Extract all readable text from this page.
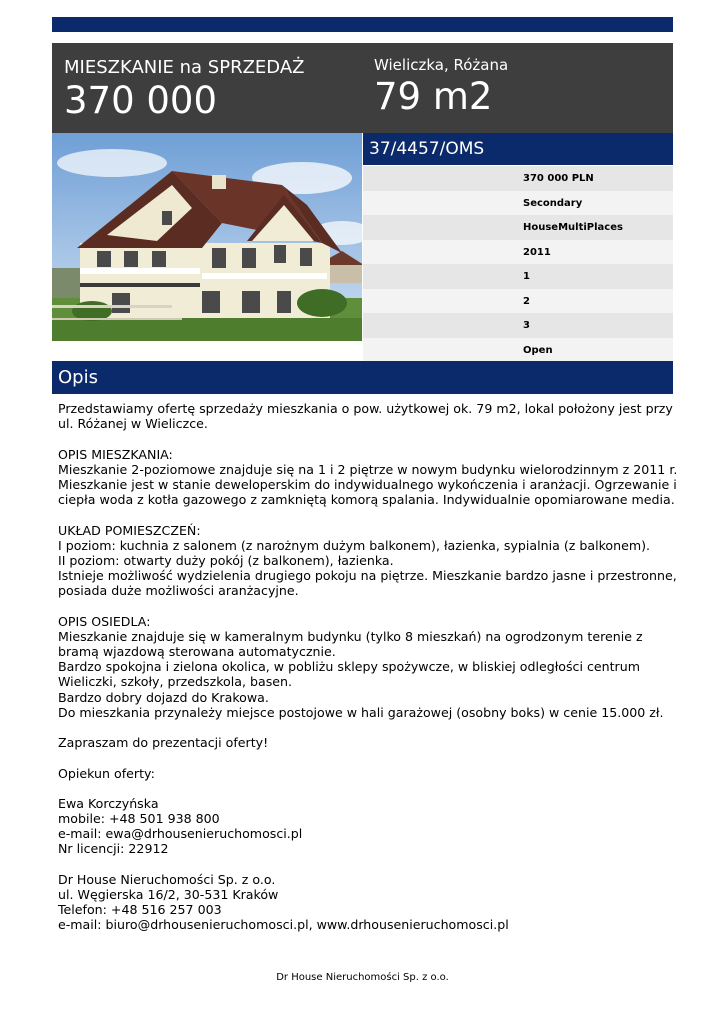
MIESZKANIE na SPRZEDAŻ
370 000
Wieliczka, Różana
79 m2
37/4457/OMS
370 000 PLN
Secondary
HouseMultiPlaces
2011
1
2
3
Open
Opis
Przedstawiamy ofertę sprzedaży mieszkania o pow. użytkowej ok. 79 m2, lokal położony jest przy
ul. Różanej w Wieliczce.
OPIS MIESZKANIA:
Mieszkanie 2-poziomowe znajduje się na 1 i 2 piętrze w nowym budynku wielorodzinnym z 2011 r.
Mieszkanie jest w stanie deweloperskim do indywidualnego wykończenia i aranżacji. Ogrzewanie i
ciepła woda z kotła gazowego z zamkniętą komorą spalania. Indywidualnie opomiarowane media.
UKŁAD POMIESZCZEŃ:
I poziom: kuchnia z salonem (z narożnym dużym balkonem), łazienka, sypialnia (z balkonem).
II poziom: otwarty duży pokój (z balkonem), łazienka.
Istnieje możliwość wydzielenia drugiego pokoju na piętrze. Mieszkanie bardzo jasne i przestronne,
posiada duże możliwości aranżacyjne.
OPIS OSIEDLA:
Mieszkanie znajduje się w kameralnym budynku (tylko 8 mieszkań) na ogrodzonym terenie z
bramą wjazdową sterowana automatycznie.
Bardzo spokojna i zielona okolica, w pobliżu sklepy spożywcze, w bliskiej odległości centrum
Wieliczki, szkoły, przedszkola, basen.
Bardzo dobry dojazd do Krakowa.
Do mieszkania przynależy miejsce postojowe w hali garażowej (osobny boks) w cenie 15.000 zł.
Zapraszam do prezentacji oferty!
Opiekun oferty:
Ewa Korczyńska
mobile: +48 501 938 800
e-mail: ewa@drhousenieruchomosci.pl
Nr licencji: 22912
Dr House Nieruchomości Sp. z o.o.
ul. Węgierska 16/2, 30-531 Kraków
Telefon: +48 516 257 003
e-mail: biuro@drhousenieruchomosci.pl, www.drhousenieruchomosci.pl
Dr House Nieruchomości Sp. z o.o.
